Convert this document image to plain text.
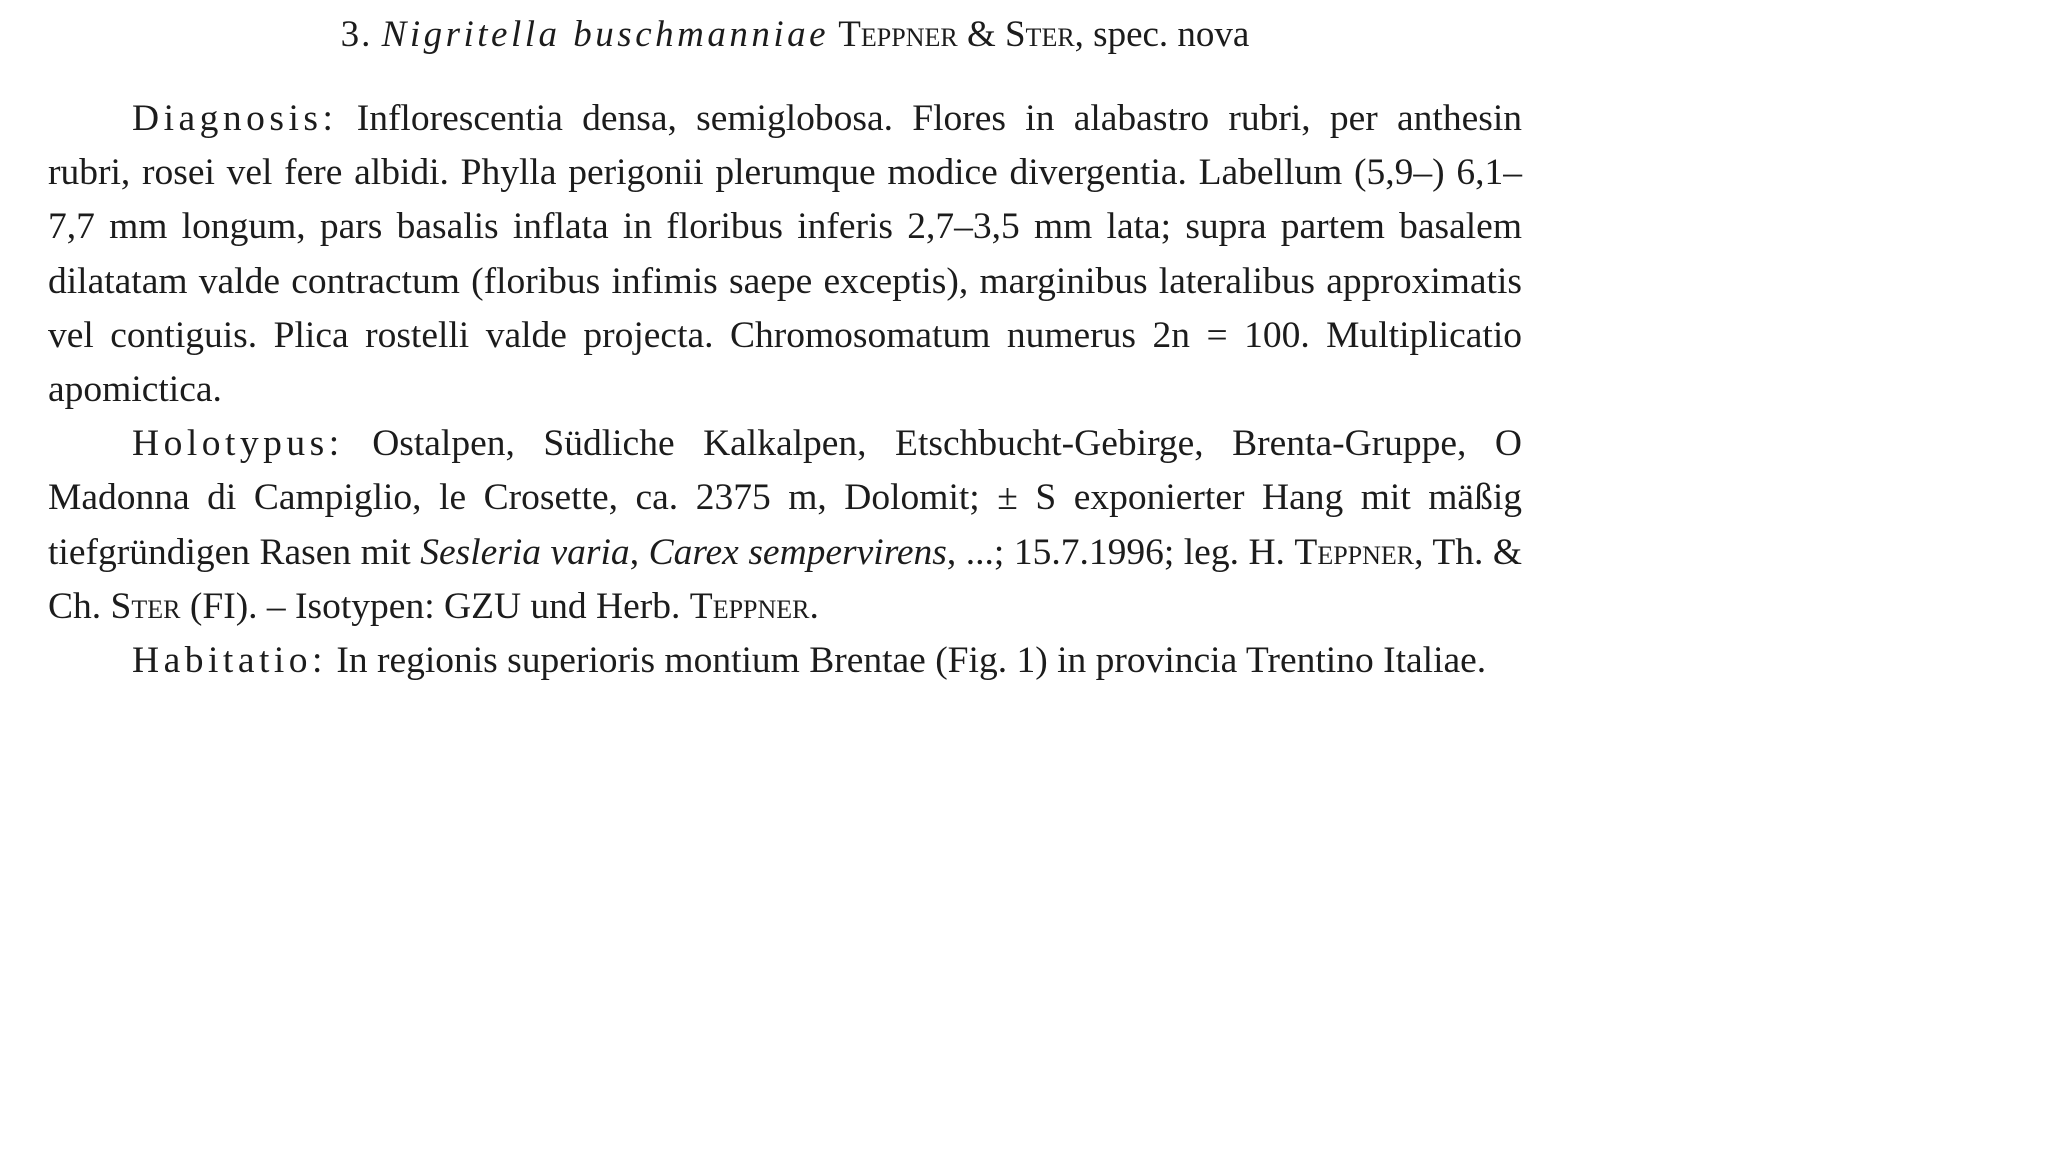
3. Nigritella buschmanniae Teppner & Ster, spec. nova

Diagnosis: Inflorescentia densa, semiglobosa. Flores in alabastro rubri, per anthesin rubri, rosei vel fere albidi. Phylla perigonii plerumque modice divergentia. Labellum (5,9–) 6,1–7,7 mm longum, pars basalis inflata in floribus inferis 2,7–3,5 mm lata; supra partem basalem dilatatam valde contractum (floribus infimis saepe exceptis), marginibus lateralibus approximatis vel contiguis. Plica rostelli valde projecta. Chromosomatum numerus 2n = 100. Multiplicatio apomictica.

Holotypus: Ostalpen, Südliche Kalkalpen, Etschbucht-Gebirge, Brenta-Gruppe, O Madonna di Campiglio, le Crosette, ca. 2375 m, Dolomit; ± S exponierter Hang mit mäßig tiefgründigen Rasen mit Sesleria varia, Carex sempervirens, ...; 15.7.1996; leg. H. Teppner, Th. & Ch. Ster (FI). – Isotypen: GZU und Herb. Teppner.

Habitatio: In regionis superioris montium Brentae (Fig. 1) in provincia Trentino Italiae.
